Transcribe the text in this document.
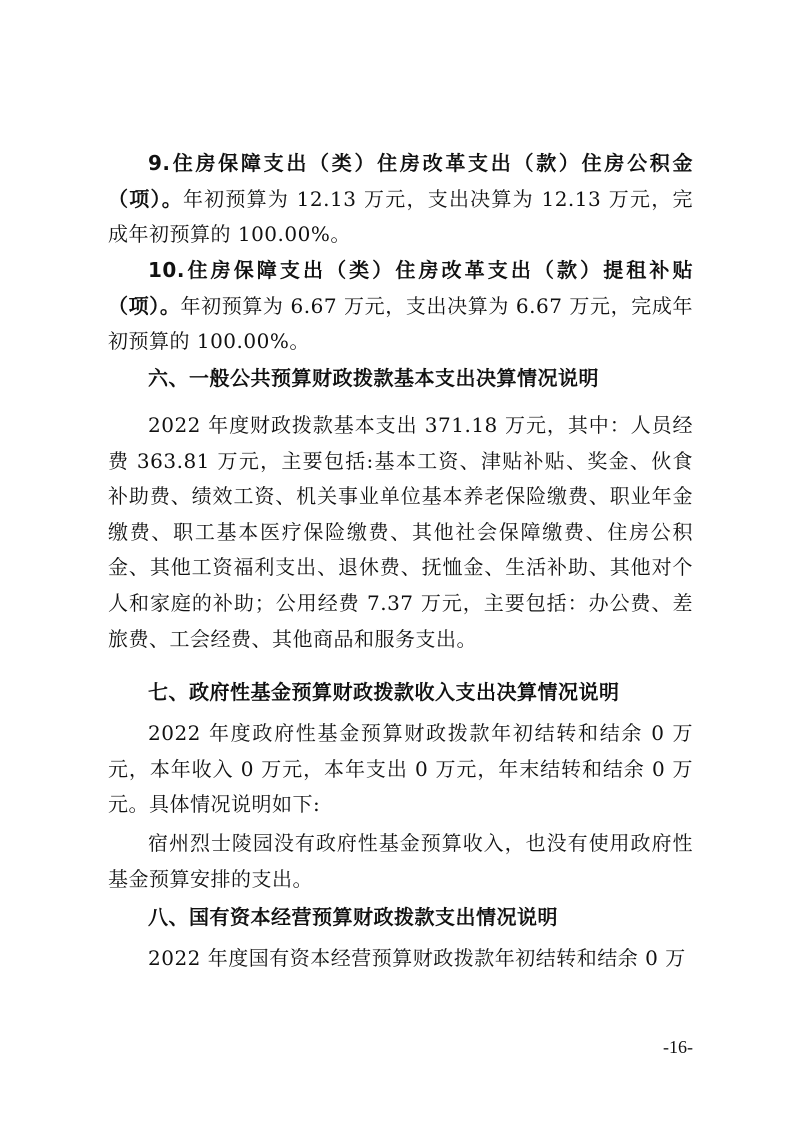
9.住房保障支出（类）住房改革支出（款）住房公积金（项）。年初预算为 12.13 万元，支出决算为 12.13 万元，完成年初预算的 100.00%。

10.住房保障支出（类）住房改革支出（款）提租补贴（项）。年初预算为 6.67 万元，支出决算为 6.67 万元，完成年初预算的 100.00%。

六、一般公共预算财政拨款基本支出决算情况说明

2022 年度财政拨款基本支出 371.18 万元，其中：人员经费 363.81 万元，主要包括:基本工资、津贴补贴、奖金、伙食补助费、绩效工资、机关事业单位基本养老保险缴费、职业年金缴费、职工基本医疗保险缴费、其他社会保障缴费、住房公积金、其他工资福利支出、退休费、抚恤金、生活补助、其他对个人和家庭的补助；公用经费 7.37 万元，主要包括：办公费、差旅费、工会经费、其他商品和服务支出。

七、政府性基金预算财政拨款收入支出决算情况说明

2022 年度政府性基金预算财政拨款年初结转和结余 0 万元，本年收入 0 万元，本年支出 0 万元，年末结转和结余 0 万元。具体情况说明如下:

宿州烈士陵园没有政府性基金预算收入，也没有使用政府性基金预算安排的支出。

八、国有资本经营预算财政拨款支出情况说明

2022 年度国有资本经营预算财政拨款年初结转和结余 0 万

-16-
